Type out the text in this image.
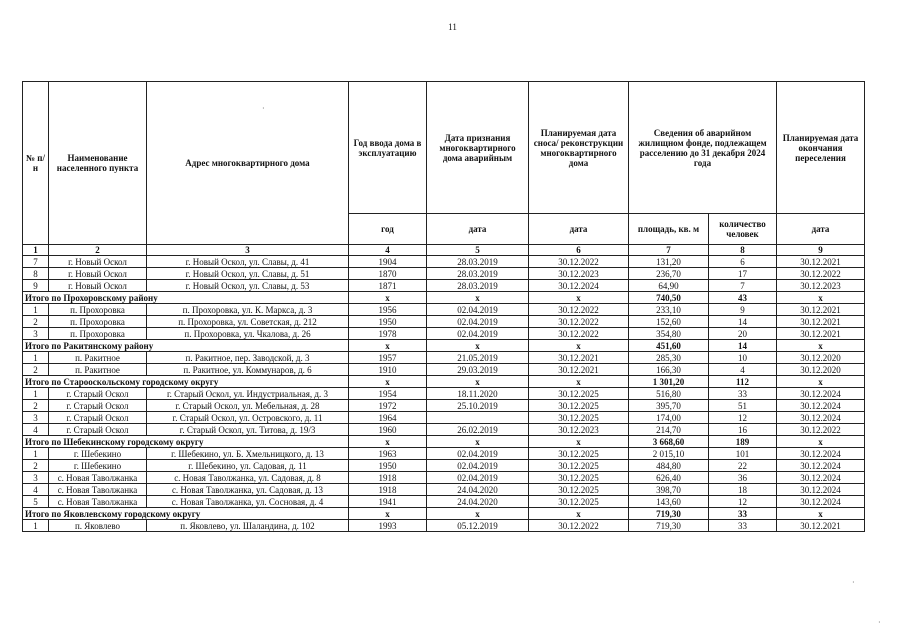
11
№ п/н	Наименование населенного пункта	Адрес многоквартирного дома	Год ввода дома в эксплуатацию	Дата признания многоквартирного дома аварийным	Планируемая дата сноса/ реконструкции многоквартирного дома	Сведения об аварийном жилищном фонде, подлежащем расселению до 31 декабря 2024 года		Планируемая дата окончания переселения
			год	дата	дата	площадь, кв. м	количество человек	дата
1	2	3	4	5	6	7	8	9
7	г. Новый Оскол	г. Новый Оскол, ул. Славы, д. 41	1904	28.03.2019	30.12.2022	131,20	6	30.12.2021
8	г. Новый Оскол	г. Новый Оскол, ул. Славы, д. 51	1870	28.03.2019	30.12.2023	236,70	17	30.12.2022
9	г. Новый Оскол	г. Новый Оскол, ул. Славы, д. 53	1871	28.03.2019	30.12.2024	64,90	7	30.12.2023
Итого по Прохоровскому району			x	x	x	740,50	43	x
1	п. Прохоровка	п. Прохоровка, ул. К. Маркса, д. 3	1956	02.04.2019	30.12.2022	233,10	9	30.12.2021
2	п. Прохоровка	п. Прохоровка, ул. Советская, д. 212	1950	02.04.2019	30.12.2022	152,60	14	30.12.2021
3	п. Прохоровка	п. Прохоровка, ул. Чкалова, д. 26	1978	02.04.2019	30.12.2022	354,80	20	30.12.2021
Итого по Ракитянскому району			x	x	x	451,60	14	x
1	п. Ракитное	п. Ракитное, пер. Заводской, д. 3	1957	21.05.2019	30.12.2021	285,30	10	30.12.2020
2	п. Ракитное	п. Ракитное, ул. Коммунаров, д. 6	1910	29.03.2019	30.12.2021	166,30	4	30.12.2020
Итого по Старооскольскому городскому округу			x	x	x	1 301,20	112	x
1	г. Старый Оскол	г. Старый Оскол, ул. Индустриальная, д. 3	1954	18.11.2020	30.12.2025	516,80	33	30.12.2024
2	г. Старый Оскол	г. Старый Оскол, ул. Мебельная, д. 28	1972	25.10.2019	30.12.2025	395,70	51	30.12.2024
3	г. Старый Оскол	г. Старый Оскол, ул. Островского, д. 11	1964		30.12.2025	174,00	12	30.12.2024
4	г. Старый Оскол	г. Старый Оскол, ул. Титова, д. 19/3	1960	26.02.2019	30.12.2023	214,70	16	30.12.2022
Итого по Шебекинскому городскому округу			x	x	x	3 668,60	189	x
1	г. Шебекино	г. Шебекино, ул. Б. Хмельницкого, д. 13	1963	02.04.2019	30.12.2025	2 015,10	101	30.12.2024
2	г. Шебекино	г. Шебекино, ул. Садовая, д. 11	1950	02.04.2019	30.12.2025	484,80	22	30.12.2024
3	с. Новая Таволжанка	с. Новая Таволжанка, ул. Садовая, д. 8	1918	02.04.2019	30.12.2025	626,40	36	30.12.2024
4	с. Новая Таволжанка	с. Новая Таволжанка, ул. Садовая, д. 13	1918	24.04.2020	30.12.2025	398,70	18	30.12.2024
5	с. Новая Таволжанка	с. Новая Таволжанка, ул. Сосновая, д. 4	1941	24.04.2020	30.12.2025	143,60	12	30.12.2024
Итого по Яковлевскому городскому округу			x	x	x	719,30	33	x
1	п. Яковлево	п. Яковлево, ул. Шаландина, д. 102	1993	05.12.2019	30.12.2022	719,30	33	30.12.2021
·
·
·
